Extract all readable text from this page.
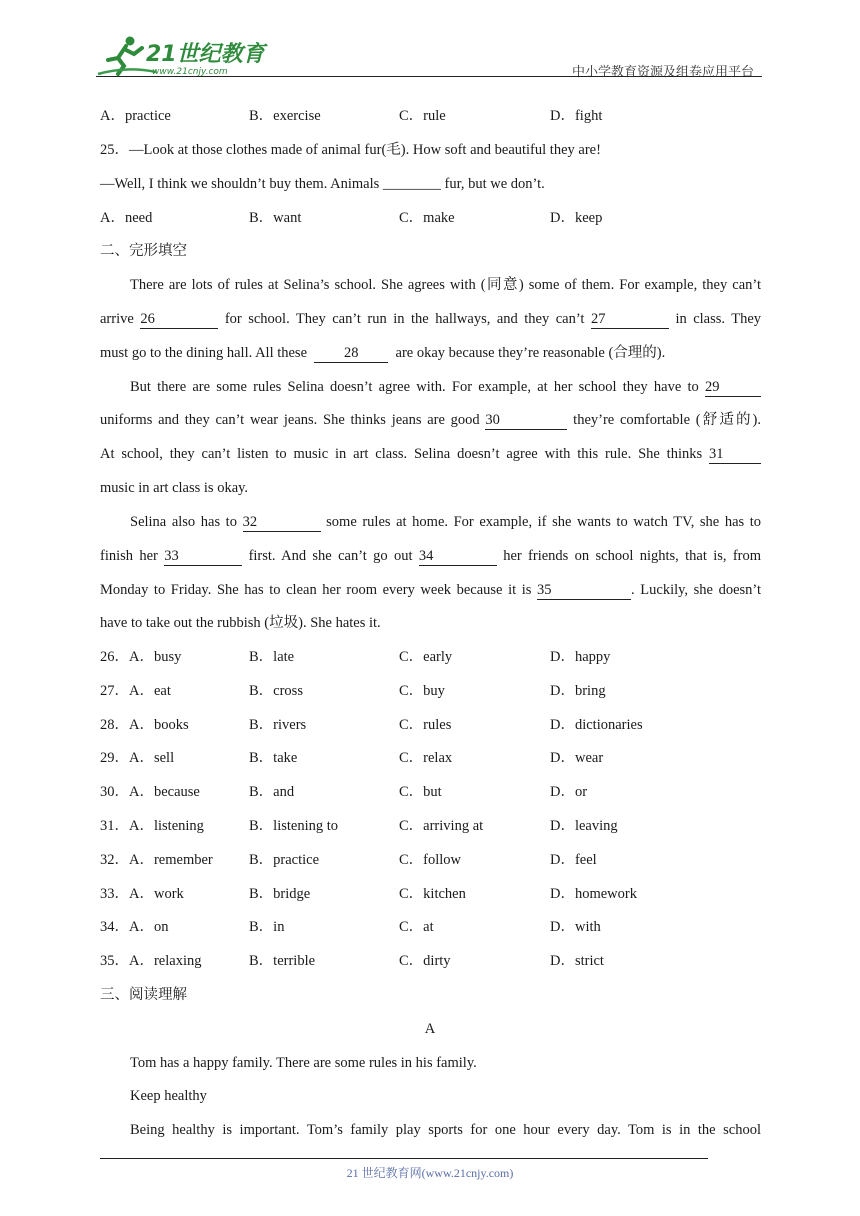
21世纪教育
www.21cnjy.com	中小学教育资源及组卷应用平台
A．practice	B．exercise	C．rule	D．fight
25．—Look at those clothes made of animal fur(毛). How soft and beautiful they are!
—Well, I think we shouldn’t buy them. Animals ________ fur, but we don’t.
A．need	B．want	C．make	D．keep
二、完形填空
There are lots of rules at Selina’s school. She agrees with (同意) some of them. For example, they can’t
arrive 26	for school. They can’t run in the hallways, and they can’t 27	in class. They
must go to the dining hall. All these	28	are okay because they’re reasonable (合理的).
But there are some rules Selina doesn’t agree with. For example, at her school they have to 29
uniforms and they can’t wear jeans. She thinks jeans are good 30	they’re comfortable (舒适的).
At school, they can’t listen to music in art class. Selina doesn’t agree with this rule. She thinks 31
music in art class is okay.
Selina also has to 32	some rules at home. For example, if she wants to watch TV, she has to
finish her 33	first. And she can’t go out 34	her friends on school nights, that is, from
Monday to Friday. She has to clean her room every week because it is 35	. Luckily, she doesn’t
have to take out the rubbish (垃圾). She hates it.
26．A．busy	B．late	C．early	D．happy
27．A．eat	B．cross	C．buy	D．bring
28．A．books	B．rivers	C．rules	D．dictionaries
29．A．sell	B．take	C．relax	D．wear
30．A．because	B．and	C．but	D．or
31．A．listening	B．listening to	C．arriving at	D．leaving
32．A．remember	B．practice	C．follow	D．feel
33．A．work	B．bridge	C．kitchen	D．homework
34．A．on	B．in	C．at	D．with
35．A．relaxing	B．terrible	C．dirty	D．strict
三、阅读理解
A
Tom has a happy family. There are some rules in his family.
Keep healthy
Being healthy is important. Tom’s family play sports for one hour every day. Tom is in the school
21 世纪教育网(www.21cnjy.com)
